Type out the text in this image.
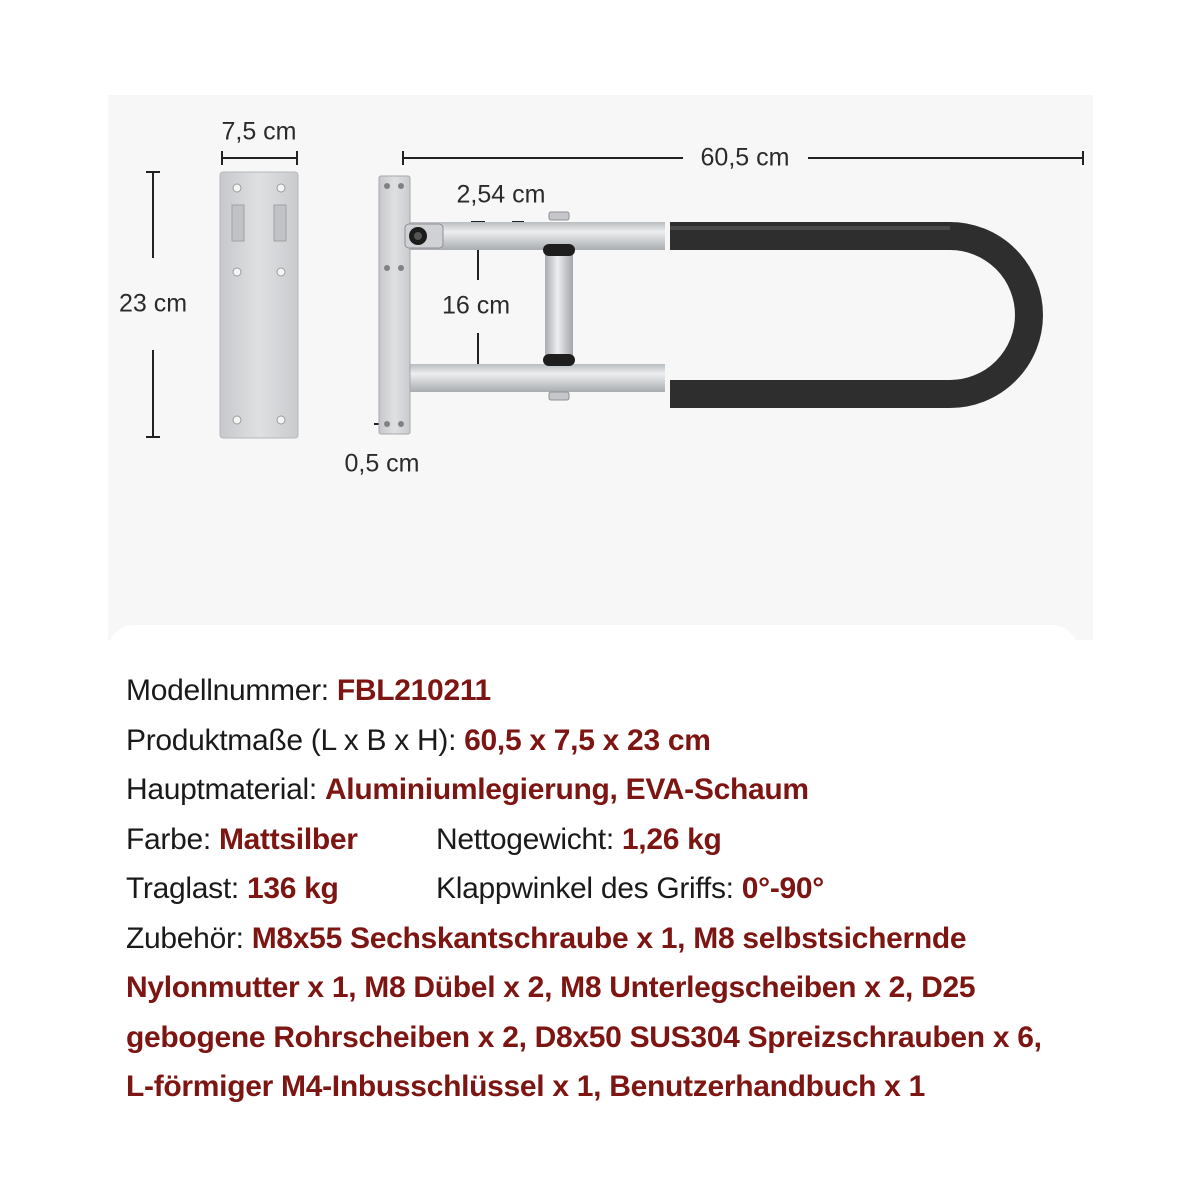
7,5 cm
23 cm
60,5 cm
2,54 cm
16 cm
0,5 cm
Modellnummer: FBL210211
Produktmaße (L x B x H): 60,5 x 7,5 x 23 cm
Hauptmaterial: Aluminiumlegierung, EVA-Schaum
Farbe: Mattsilber	Nettogewicht: 1,26 kg
Traglast: 136 kg	Klappwinkel des Griffs: 0°-90°
Zubehör: M8x55 Sechskantschraube x 1, M8 selbstsichernde
Nylonmutter x 1, M8 Dübel x 2, M8 Unterlegscheiben x 2, D25
gebogene Rohrscheiben x 2, D8x50 SUS304 Spreizschrauben x 6,
L-förmiger M4-Inbusschlüssel x 1, Benutzerhandbuch x 1
